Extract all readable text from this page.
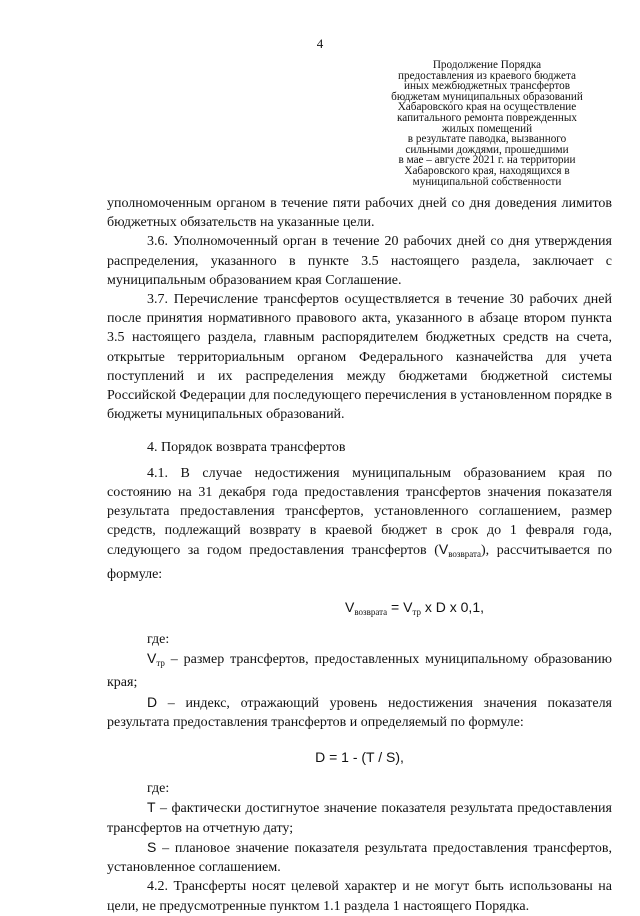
4
Продолжение Порядка
предоставления из краевого бюджета
иных межбюджетных трансфертов
бюджетам муниципальных образований
Хабаровского края на осуществление
капитального ремонта поврежденных
жилых помещений
в результате паводка, вызванного
сильными дождями, прошедшими
в мае – августе 2021 г. на территории
Хабаровского края, находящихся в
муниципальной собственности

уполномоченным органом в течение пяти рабочих дней со дня доведения лимитов бюджетных обязательств на указанные цели.

3.6. Уполномоченный орган в течение 20 рабочих дней со дня утверждения распределения, указанного в пункте 3.5 настоящего раздела, заключает с муниципальным образованием края Соглашение.

3.7. Перечисление трансфертов осуществляется в течение 30 рабочих дней после принятия нормативного правового акта, указанного в абзаце втором пункта 3.5 настоящего раздела, главным распорядителем бюджетных средств на счета, открытые территориальным органом Федерального казначейства для учета поступлений и их распределения между бюджетами бюджетной системы Российской Федерации для последующего перечисления в установленном порядке в бюджеты муниципальных образований.

4. Порядок возврата трансфертов

4.1. В случае недостижения муниципальным образованием края по состоянию на 31 декабря года предоставления трансфертов значения показателя результата предоставления трансфертов, установленного соглашением, размер средств, подлежащий возврату в краевой бюджет в срок до 1 февраля года, следующего за годом предоставления трансфертов $(V_{возврата})$, рассчитывается по формуле:

$V_{возврата} = V_{тр}$ x D x 0,1,

где:

$V_{тр}$ – размер трансфертов, предоставленных муниципальному образованию края;

D – индекс, отражающий уровень недостижения значения показателя результата предоставления трансфертов и определяемый по формуле:

D = 1 - (T / S),

где:

Т – фактически достигнутое значение показателя результата предоставления трансфертов на отчетную дату;

S – плановое значение показателя результата предоставления трансфертов, установленное соглашением.

4.2. Трансферты носят целевой характер и не могут быть использованы на цели, не предусмотренные пунктом 1.1 раздела 1 настоящего Порядка.
